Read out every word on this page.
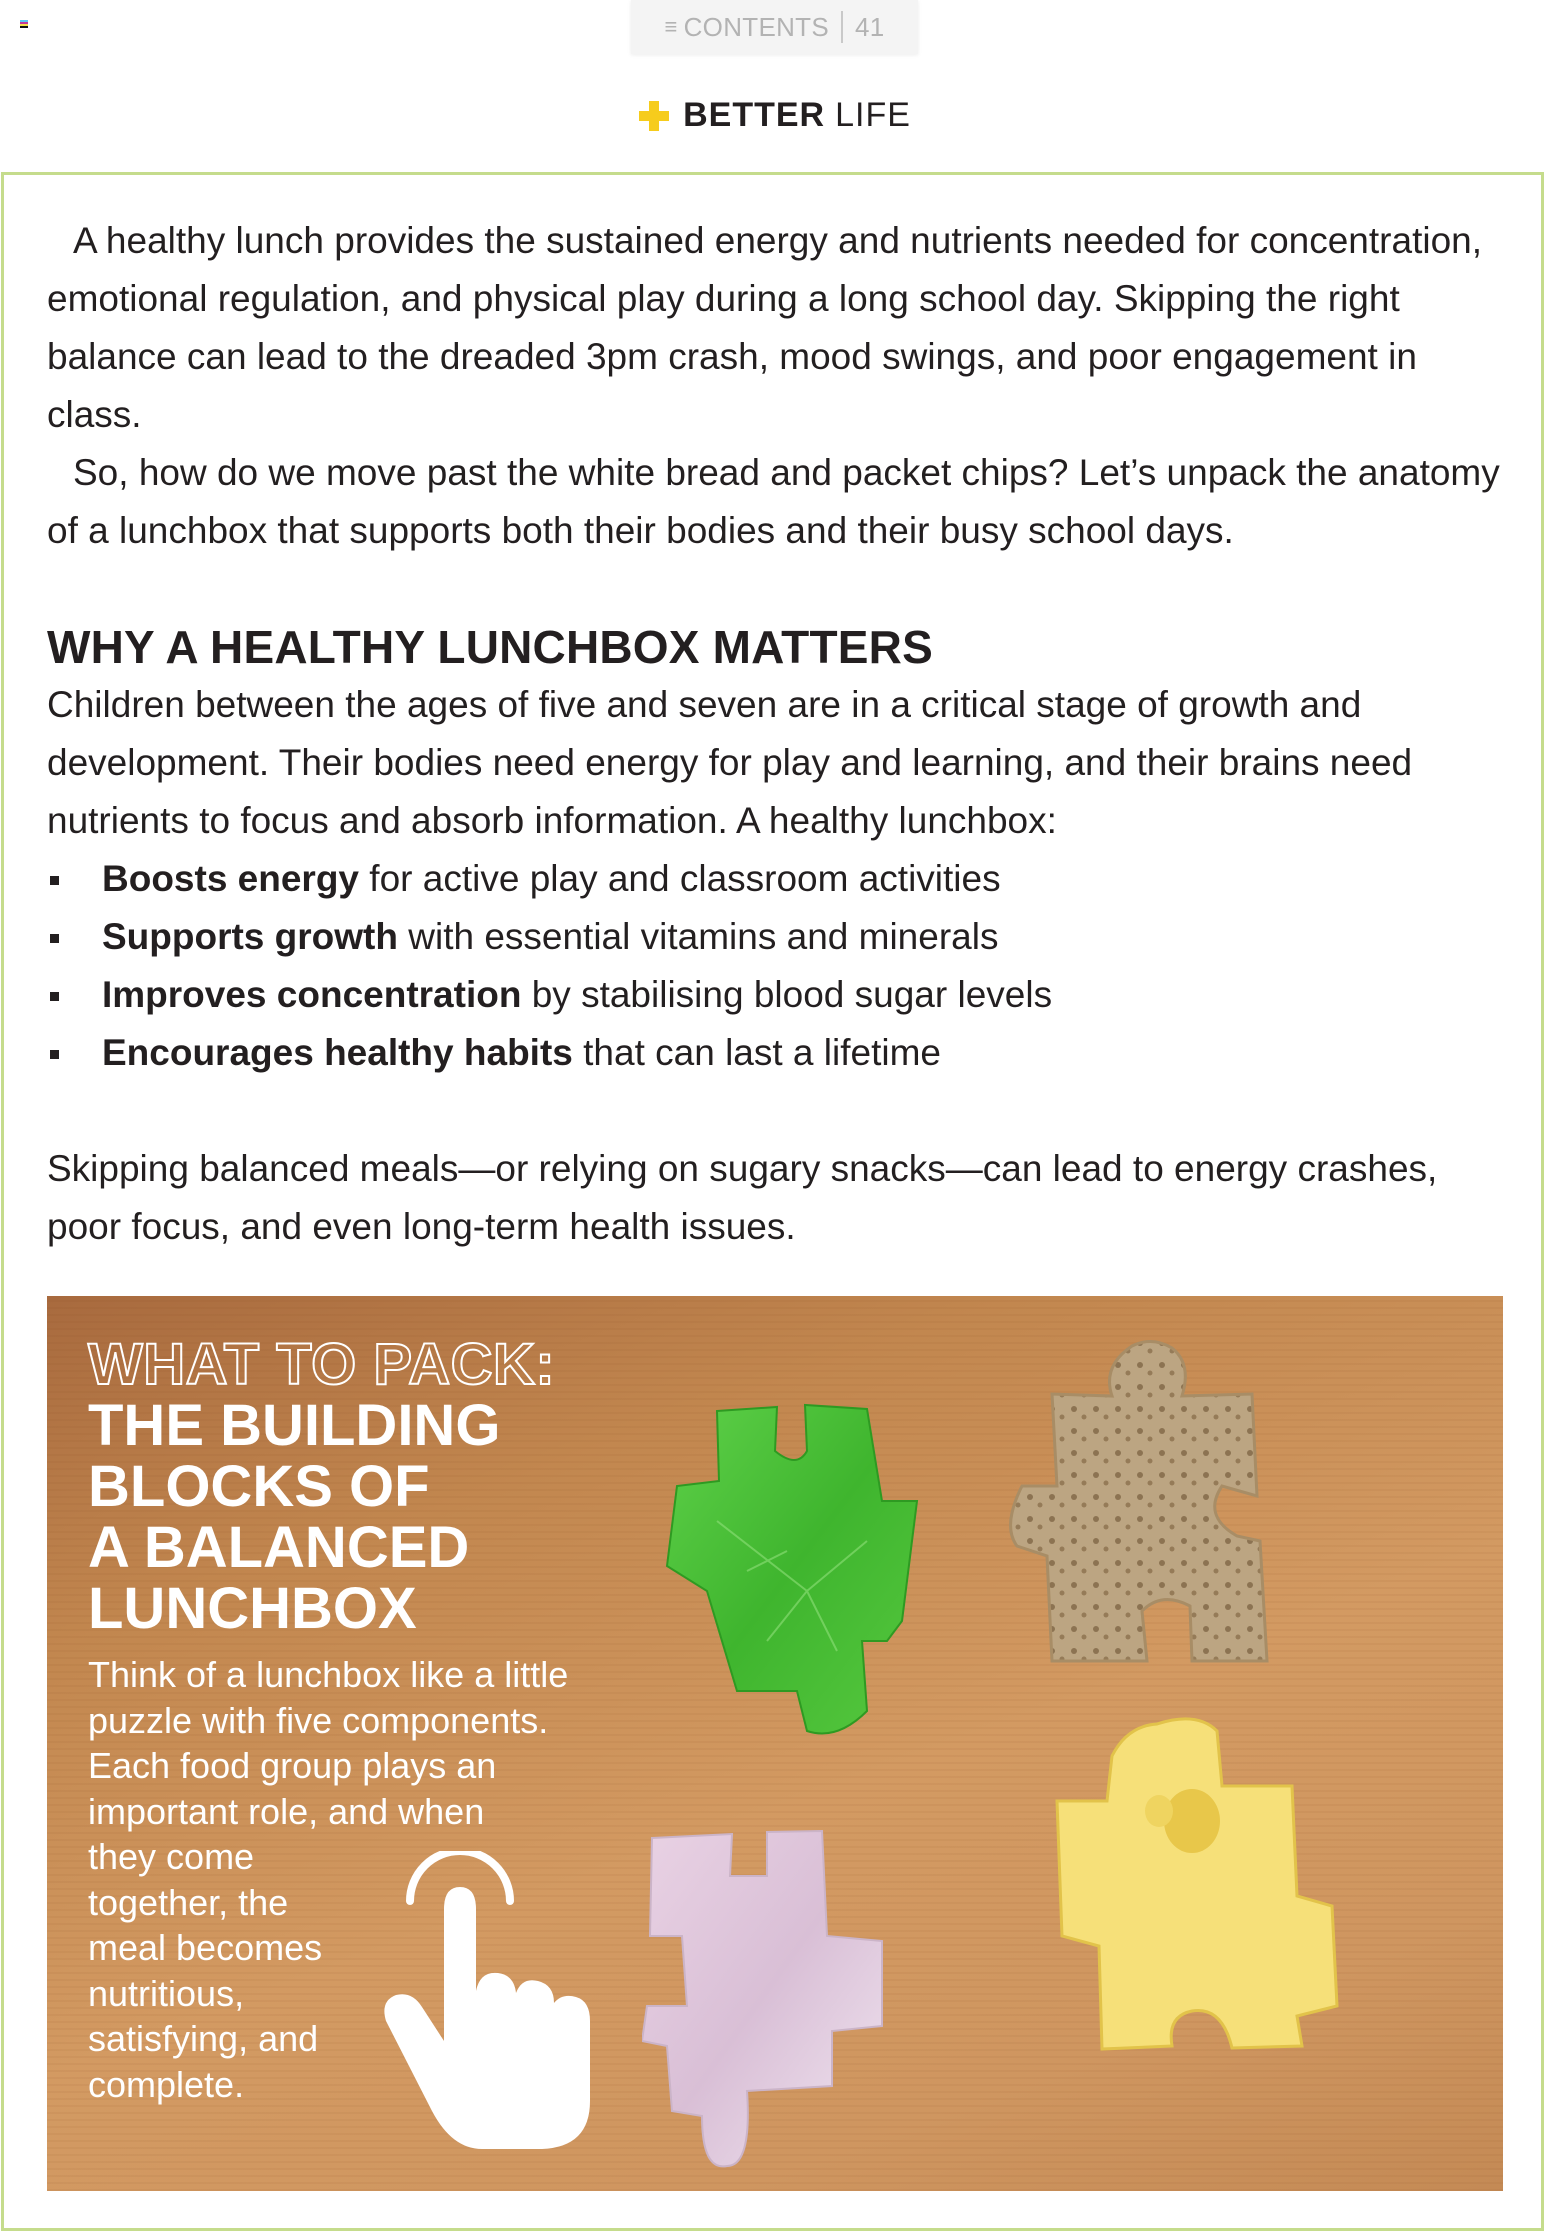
≡ CONTENTS 41
BETTER LIFE

A healthy lunch provides the sustained energy and nutrients needed for concentration, emotional regulation, and physical play during a long school day. Skipping the right balance can lead to the dreaded 3pm crash, mood swings, and poor engagement in class.

So, how do we move past the white bread and packet chips? Let’s unpack the anatomy of a lunchbox that supports both their bodies and their busy school days.

WHY A HEALTHY LUNCHBOX MATTERS

Children between the ages of five and seven are in a critical stage of growth and development. Their bodies need energy for play and learning, and their brains need nutrients to focus and absorb information. A healthy lunchbox:

Boosts energy for active play and classroom activities
Supports growth with essential vitamins and minerals
Improves concentration by stabilising blood sugar levels
Encourages healthy habits that can last a lifetime

Skipping balanced meals—or relying on sugary snacks—can lead to energy crashes, poor focus, and even long-term health issues.

WHAT TO PACK:
THE BUILDING
BLOCKS OF
A BALANCED
LUNCHBOX
Think of a lunchbox like a little
puzzle with five components.
Each food group plays an
important role, and when
they come
together, the
meal becomes
nutritious,
satisfying, and
complete.
